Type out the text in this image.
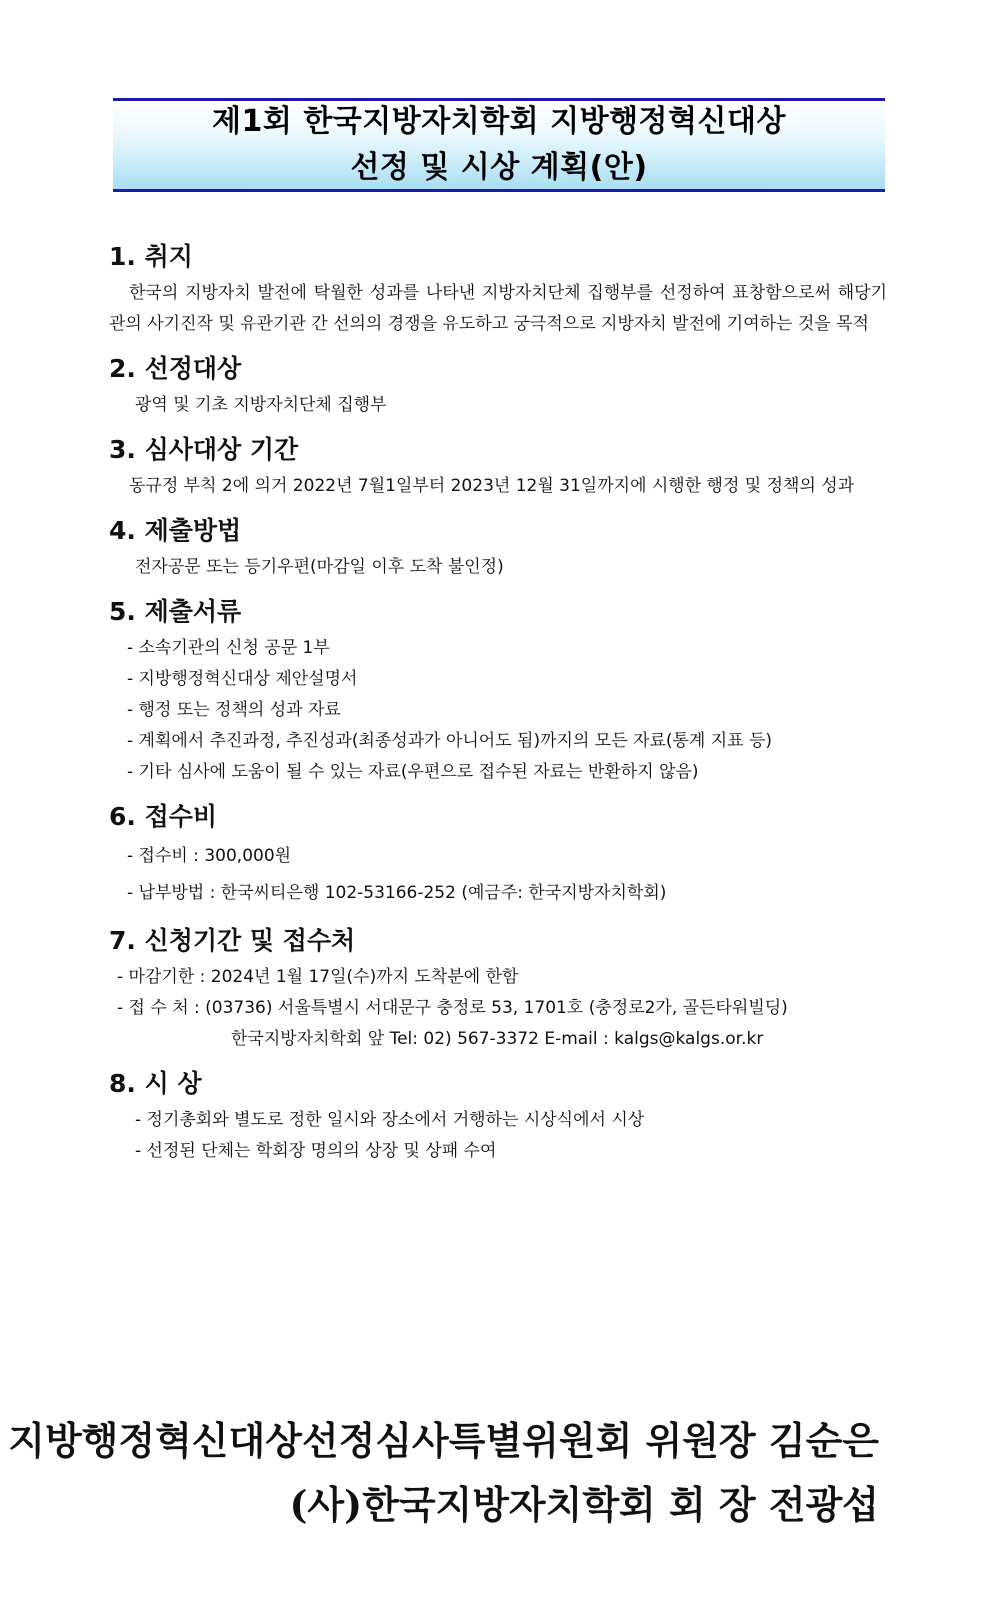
제1회 한국지방자치학회 지방행정혁신대상
선정 및 시상 계획(안)
1. 취지
한국의 지방자치 발전에 탁월한 성과를 나타낸 지방자치단체 집행부를 선정하여 표창함으로써 해당기관의 사기진작 및 유관기관 간 선의의 경쟁을 유도하고 궁극적으로 지방자치 발전에 기여하는 것을 목적
2. 선정대상
광역 및 기초 지방자치단체 집행부
3. 심사대상 기간
동규정 부칙 2에 의거 2022년 7월1일부터 2023년 12월 31일까지에 시행한 행정 및 정책의 성과
4. 제출방법
전자공문 또는 등기우편(마감일 이후 도착 불인정)
5. 제출서류
- 소속기관의 신청 공문 1부
- 지방행정혁신대상 제안설명서
- 행정 또는 정책의 성과 자료
- 계획에서 추진과정, 추진성과(최종성과가 아니어도 됨)까지의 모든 자료(통계 지표 등)
- 기타 심사에 도움이 될 수 있는 자료(우편으로 접수된 자료는 반환하지 않음)
6. 접수비
- 접수비 : 300,000원
- 납부방법 : 한국씨티은행 102-53166-252 (예금주: 한국지방자치학회)
7. 신청기간 및 접수처
- 마감기한 : 2024년 1월 17일(수)까지 도착분에 한함
- 접 수 처 : (03736) 서울특별시 서대문구 충정로 53, 1701호 (충정로2가, 골든타워빌딩)
한국지방자치학회 앞 Tel: 02) 567-3372 E-mail : kalgs@kalgs.or.kr
8. 시 상
- 정기총회와 별도로 정한 일시와 장소에서 거행하는 시상식에서 시상
- 선정된 단체는 학회장 명의의 상장 및 상패 수여
지방행정혁신대상선정심사특별위원회 위원장 김순은
(사)한국지방자치학회 회 장 전광섭
